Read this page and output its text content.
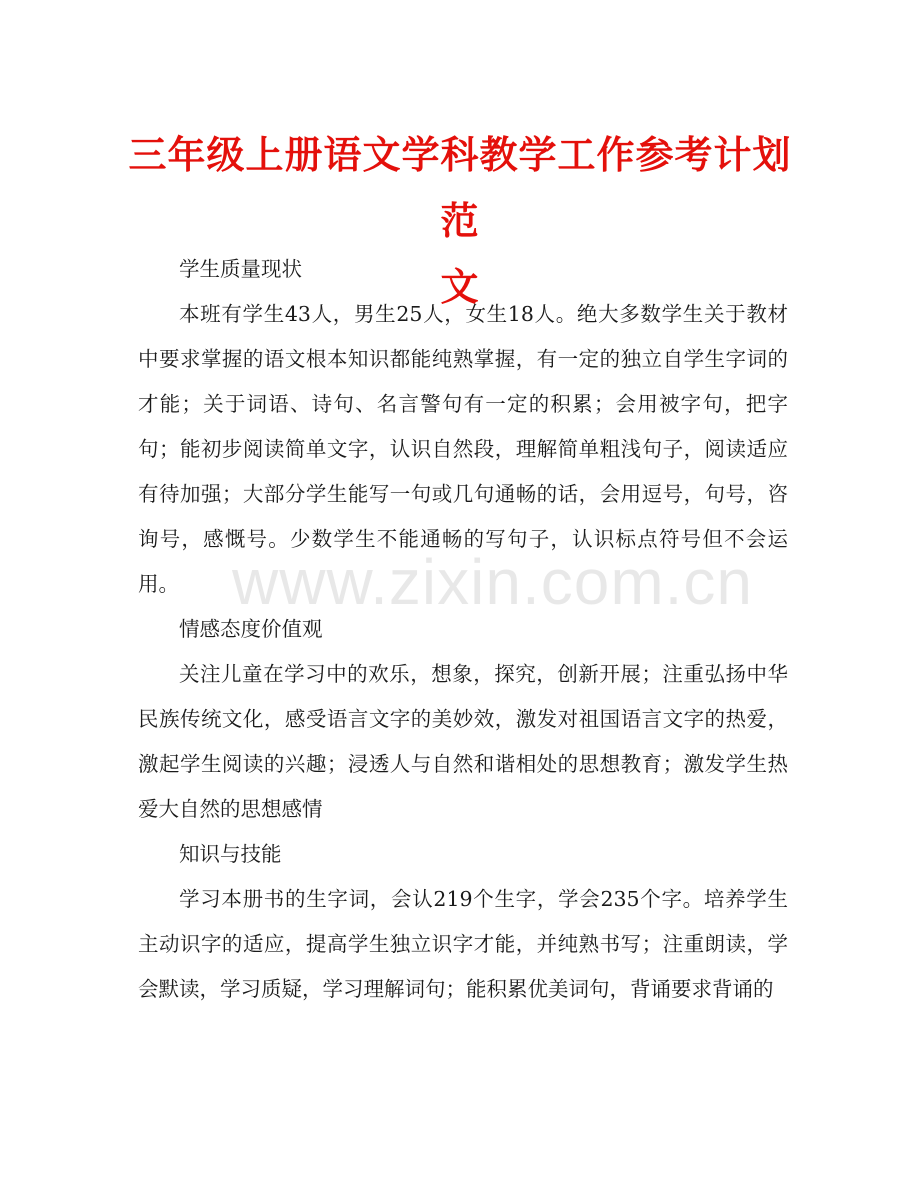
三年级上册语文学科教学工作参考计划范
文

学生质量现状

本班有学生43人，男生25人，女生18人。绝大多数学生关于教材中要求掌握的语文根本知识都能纯熟掌握，有一定的独立自学生字词的才能；关于词语、诗句、名言警句有一定的积累；会用被字句，把字句；能初步阅读简单文字，认识自然段，理解简单粗浅句子，阅读适应有待加强；大部分学生能写一句或几句通畅的话，会用逗号，句号，咨询号，感慨号。少数学生不能通畅的写句子，认识标点符号但不会运用。

情感态度价值观

关注儿童在学习中的欢乐，想象，探究，创新开展；注重弘扬中华民族传统文化，感受语言文字的美妙效，激发对祖国语言文字的热爱，激起学生阅读的兴趣；浸透人与自然和谐相处的思想教育；激发学生热爱大自然的思想感情

知识与技能

学习本册书的生字词，会认219个生字，学会235个字。培养学生主动识字的适应，提高学生独立识字才能，并纯熟书写；注重朗读，学会默读，学习质疑，学习理解词句；能积累优美词句，背诵要求背诵的

www.zixin.com.cn
